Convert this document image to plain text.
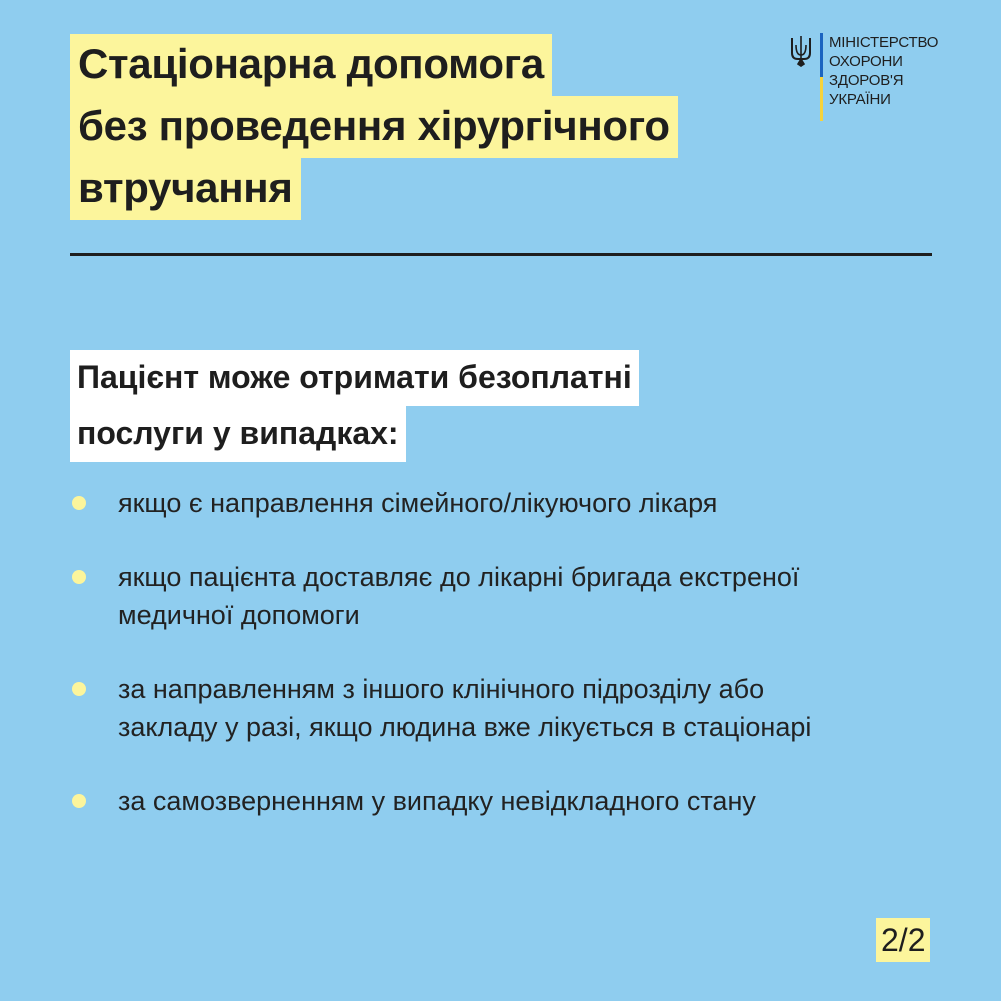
Стаціонарна допомога
без проведення хірургічного
втручання
МІНІСТЕРСТВО
ОХОРОНИ
ЗДОРОВ'Я
УКРАЇНИ
Пацієнт може отримати безоплатні
послуги у випадках:
якщо є направлення сімейного/лікуючого лікаря
якщо пацієнта доставляє до лікарні бригада екстреної
медичної допомоги
за направленням з іншого клінічного підрозділу або
закладу у разі, якщо людина вже лікується в стаціонарі
за самозверненням у випадку невідкладного стану
2/2
